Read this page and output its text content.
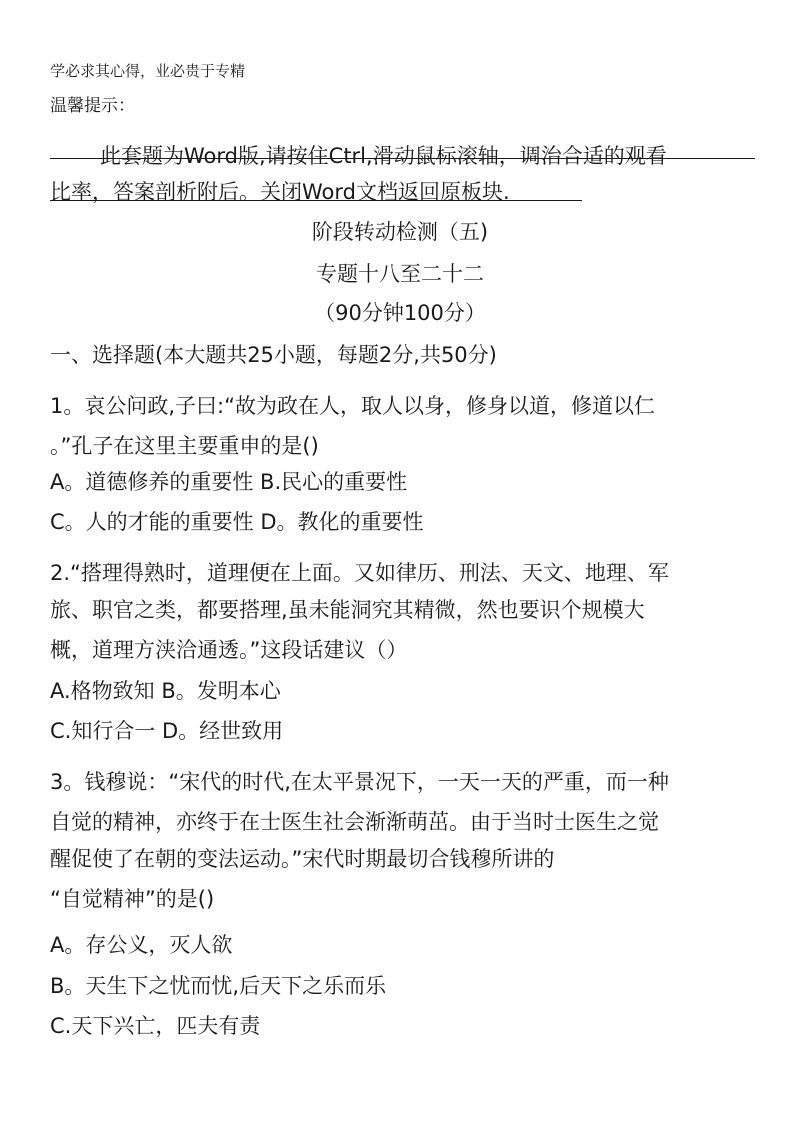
学必求其心得，业必贵于专精
温馨提示：
此套题为Word版,请按住Ctrl,滑动鼠标滚轴，调治合适的观看
比率，答案剖析附后。关闭Word文档返回原板块.
阶段转动检测（五)
专题十八至二十二
（90分钟100分）
一、选择题(本大题共25小题，每题2分,共50分)
1。哀公问政,子曰:“故为政在人，取人以身，修身以道，修道以仁
。”孔子在这里主要重申的是()
A。道德修养的重要性 B.民心的重要性
C。人的才能的重要性 D。教化的重要性
2.“搭理得熟时，道理便在上面。又如律历、刑法、天文、地理、军
旅、职官之类，都要搭理,虽未能洞究其精微，然也要识个规模大
概，道理方浃洽通透。”这段话建议（）
A.格物致知 B。发明本心
C.知行合一 D。经世致用
3。钱穆说：“宋代的时代,在太平景况下，一天一天的严重，而一种
自觉的精神，亦终于在士医生社会渐渐萌茁。由于当时士医生之觉
醒促使了在朝的变法运动。”宋代时期最切合钱穆所讲的
“自觉精神”的是()
A。存公义，灭人欲
B。天生下之忧而忧,后天下之乐而乐
C.天下兴亡，匹夫有责
